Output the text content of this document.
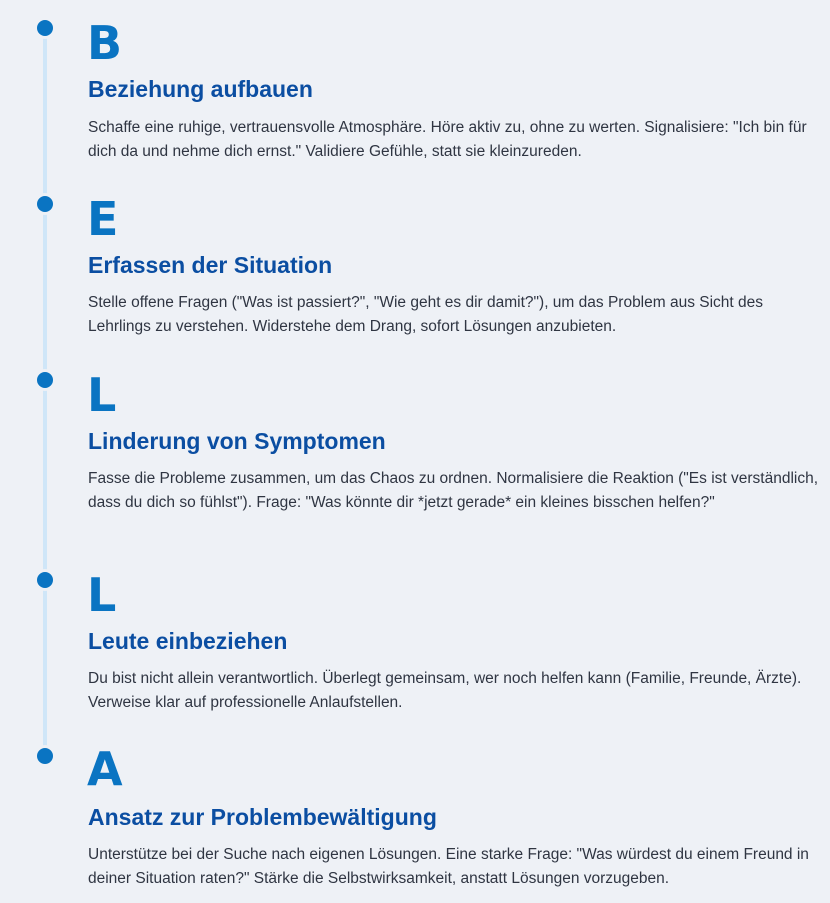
B
Beziehung aufbauen
Schaffe eine ruhige, vertrauensvolle Atmosphäre. Höre aktiv zu, ohne zu werten. Signalisiere: "Ich bin für dich da und nehme dich ernst." Validiere Gefühle, statt sie kleinzureden.
E
Erfassen der Situation
Stelle offene Fragen ("Was ist passiert?", "Wie geht es dir damit?"), um das Problem aus Sicht des Lehrlings zu verstehen. Widerstehe dem Drang, sofort Lösungen anzubieten.
L
Linderung von Symptomen
Fasse die Probleme zusammen, um das Chaos zu ordnen. Normalisiere die Reaktion ("Es ist verständlich, dass du dich so fühlst"). Frage: "Was könnte dir *jetzt gerade* ein kleines bisschen helfen?"
L
Leute einbeziehen
Du bist nicht allein verantwortlich. Überlegt gemeinsam, wer noch helfen kann (Familie, Freunde, Ärzte). Verweise klar auf professionelle Anlaufstellen.
A
Ansatz zur Problembewältigung
Unterstütze bei der Suche nach eigenen Lösungen. Eine starke Frage: "Was würdest du einem Freund in deiner Situation raten?" Stärke die Selbstwirksamkeit, anstatt Lösungen vorzugeben.
